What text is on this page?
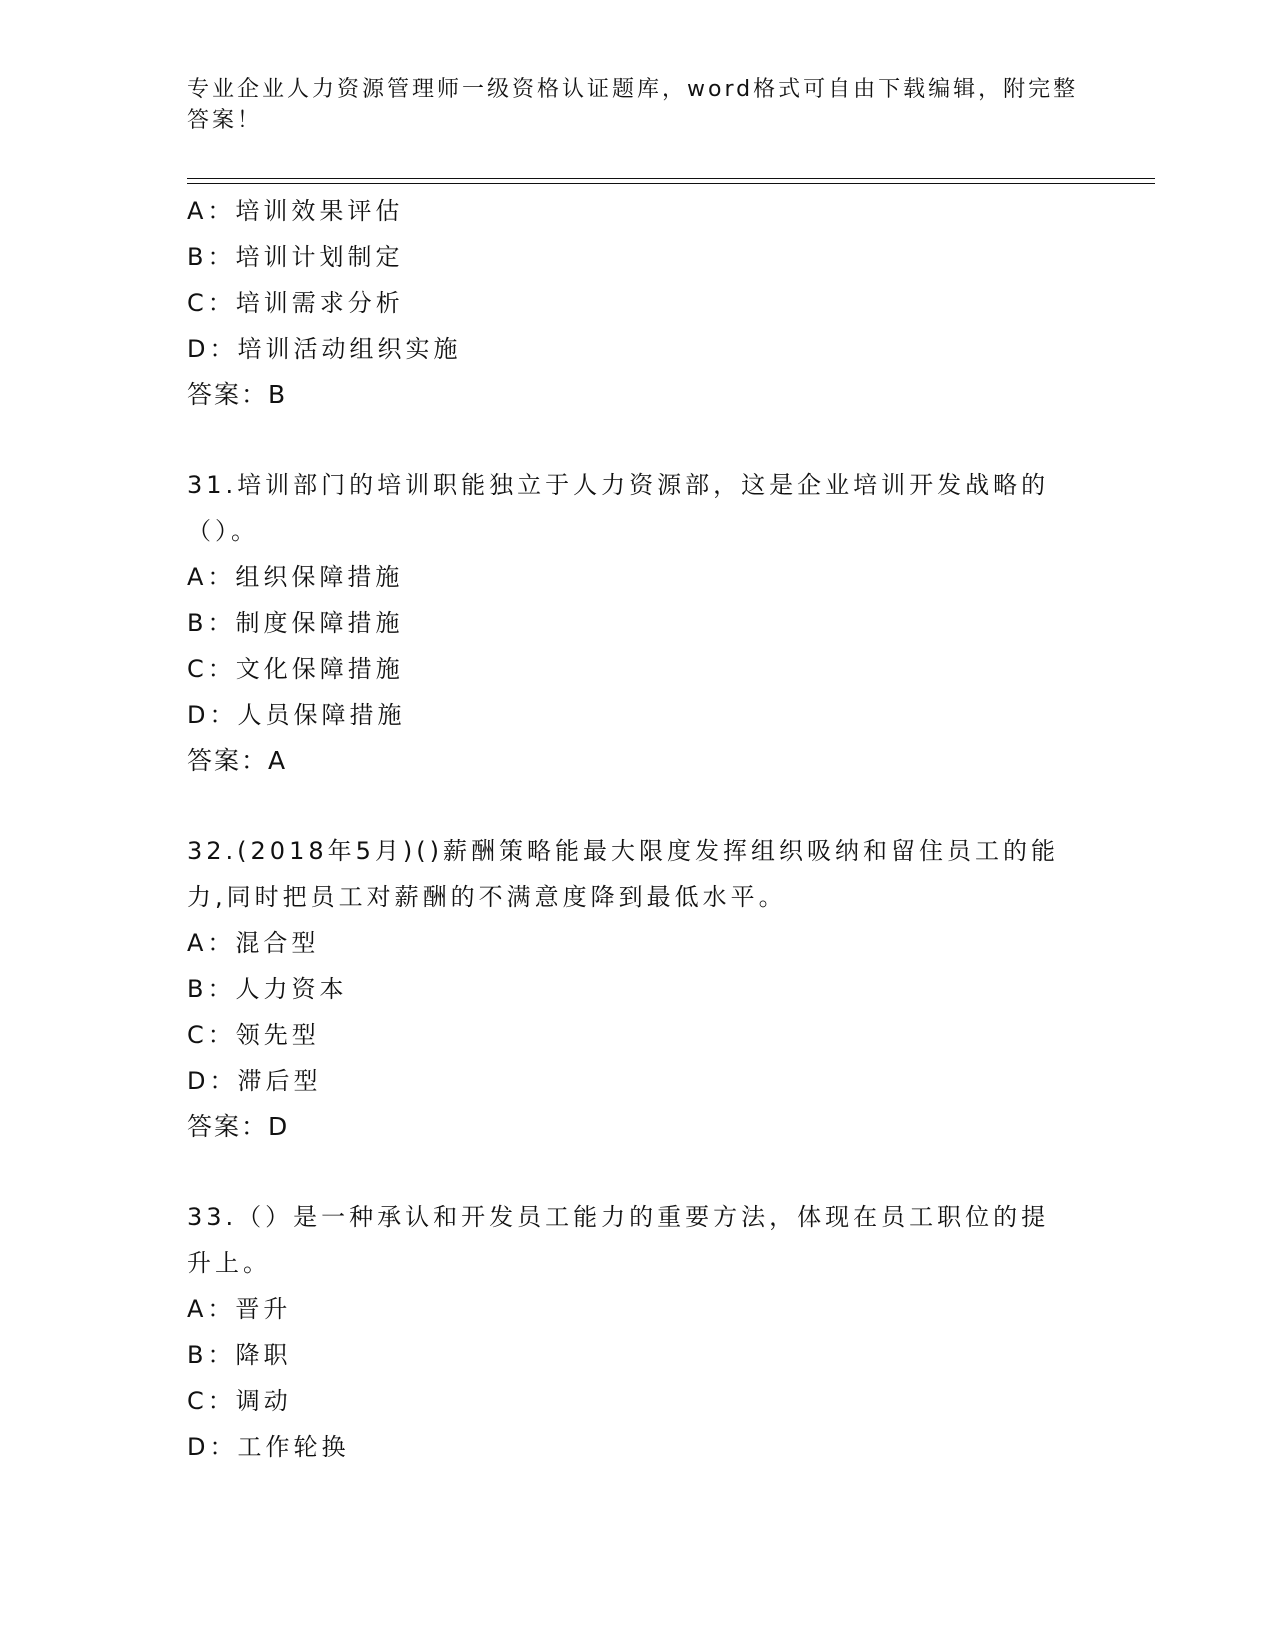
专业企业人力资源管理师一级资格认证题库，word格式可自由下载编辑，附完整
答案！
A：培训效果评估
B：培训计划制定
C：培训需求分析
D：培训活动组织实施
答案：B
31.培训部门的培训职能独立于人力资源部，这是企业培训开发战略的
（）。
A：组织保障措施
B：制度保障措施
C：文化保障措施
D：人员保障措施
答案：A
32.(2018年5月)()薪酬策略能最大限度发挥组织吸纳和留住员工的能
力,同时把员工对薪酬的不满意度降到最低水平。
A：混合型
B：人力资本
C：领先型
D：滞后型
答案：D
33.（）是一种承认和开发员工能力的重要方法，体现在员工职位的提
升上。
A：晋升
B：降职
C：调动
D：工作轮换
